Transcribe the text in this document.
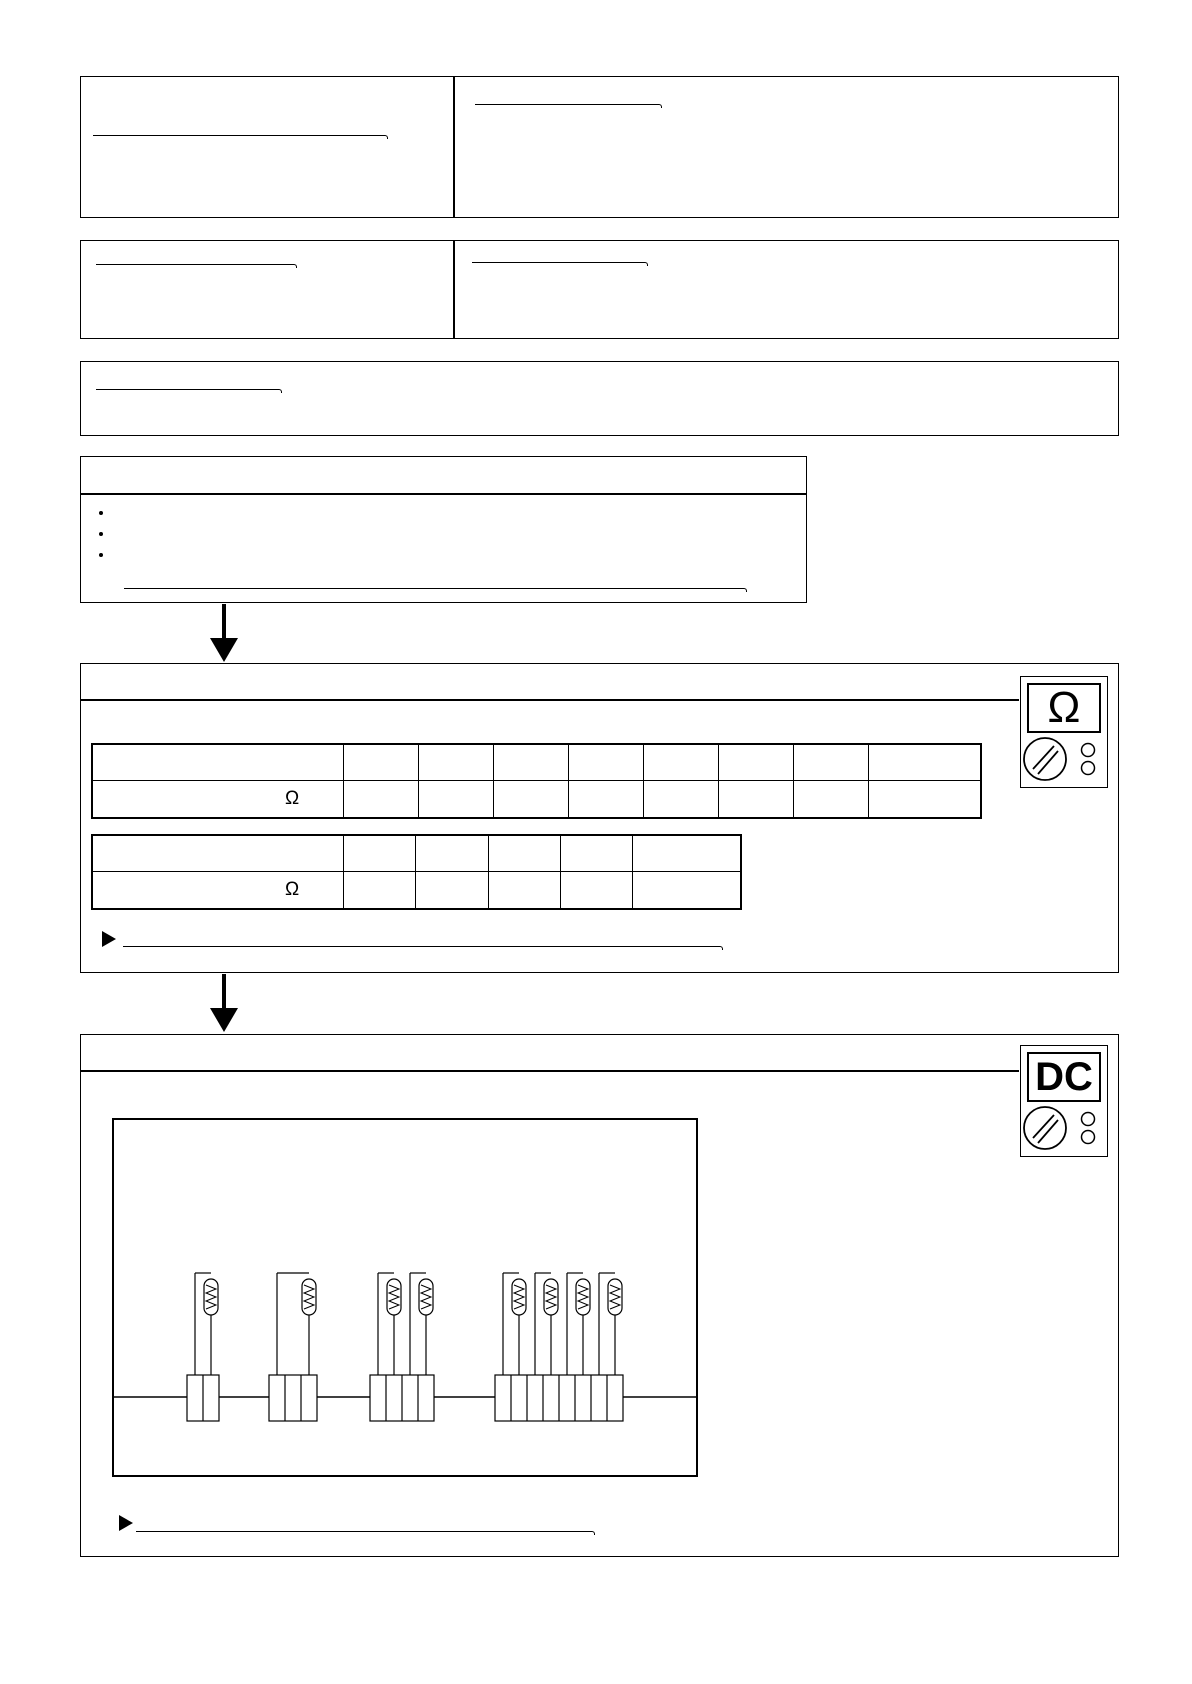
Ω

Ω

Ω
DC
